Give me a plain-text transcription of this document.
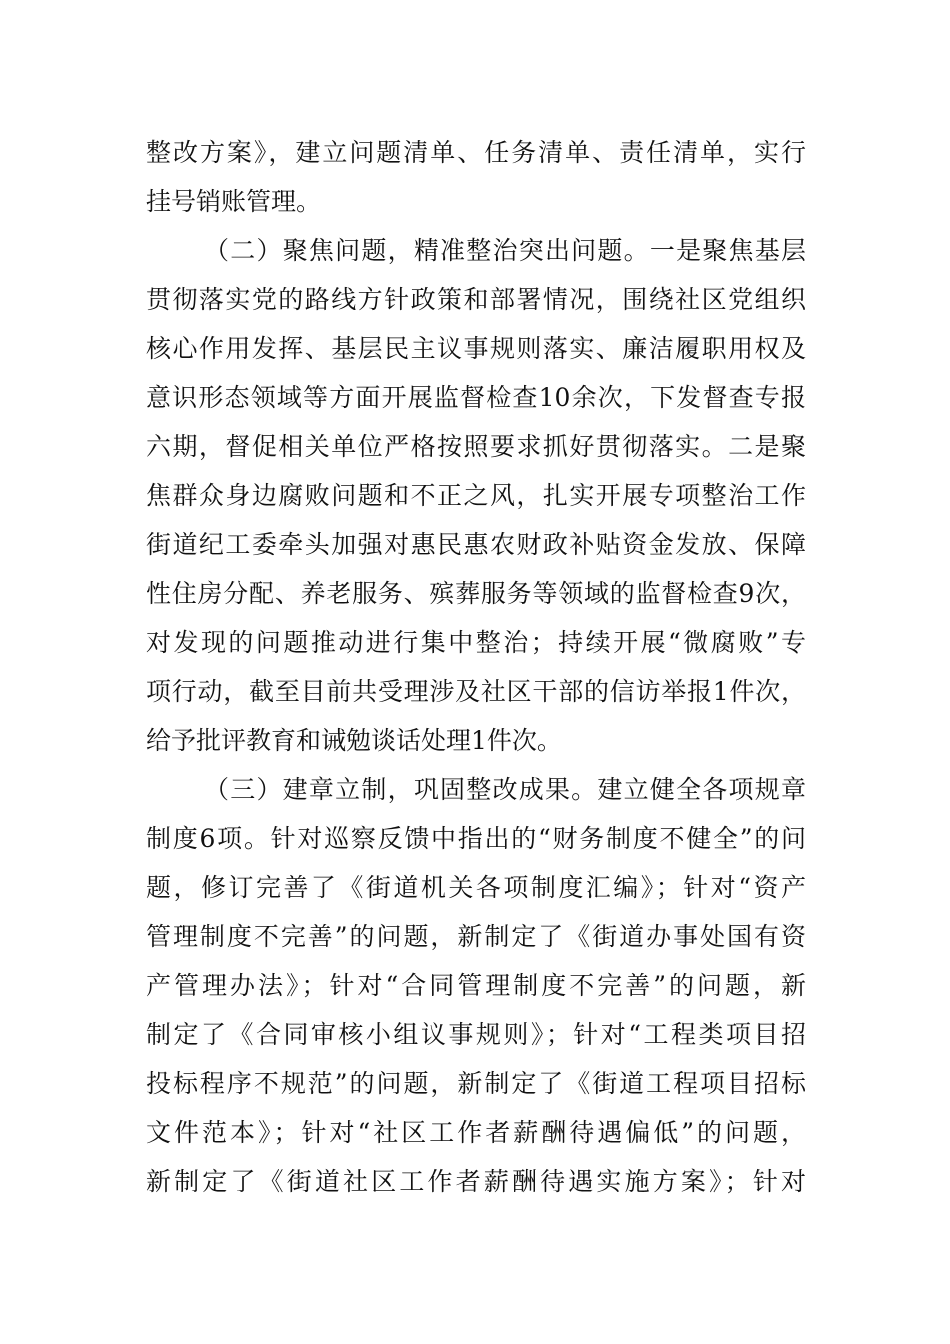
整改方案》，建立问题清单、任务清单、责任清单，实行
挂号销账管理。
（二）聚焦问题，精准整治突出问题。一是聚焦基层
贯彻落实党的路线方针政策和部署情况，围绕社区党组织
核心作用发挥、基层民主议事规则落实、廉洁履职用权及
意识形态领域等方面开展监督检查10余次，下发督查专报
六期，督促相关单位严格按照要求抓好贯彻落实。二是聚
焦群众身边腐败问题和不正之风，扎实开展专项整治工作
街道纪工委牵头加强对惠民惠农财政补贴资金发放、保障
性住房分配、养老服务、殡葬服务等领域的监督检查9次，
对发现的问题推动进行集中整治；持续开展“微腐败”专
项行动，截至目前共受理涉及社区干部的信访举报1件次，
给予批评教育和诫勉谈话处理1件次。
（三）建章立制，巩固整改成果。建立健全各项规章
制度6项。针对巡察反馈中指出的“财务制度不健全”的问
题，修订完善了《街道机关各项制度汇编》；针对“资产
管理制度不完善”的问题，新制定了《街道办事处国有资
产管理办法》；针对“合同管理制度不完善”的问题，新
制定了《合同审核小组议事规则》；针对“工程类项目招
投标程序不规范”的问题，新制定了《街道工程项目招标
文件范本》；针对“社区工作者薪酬待遇偏低”的问题，
新制定了《街道社区工作者薪酬待遇实施方案》；针对
